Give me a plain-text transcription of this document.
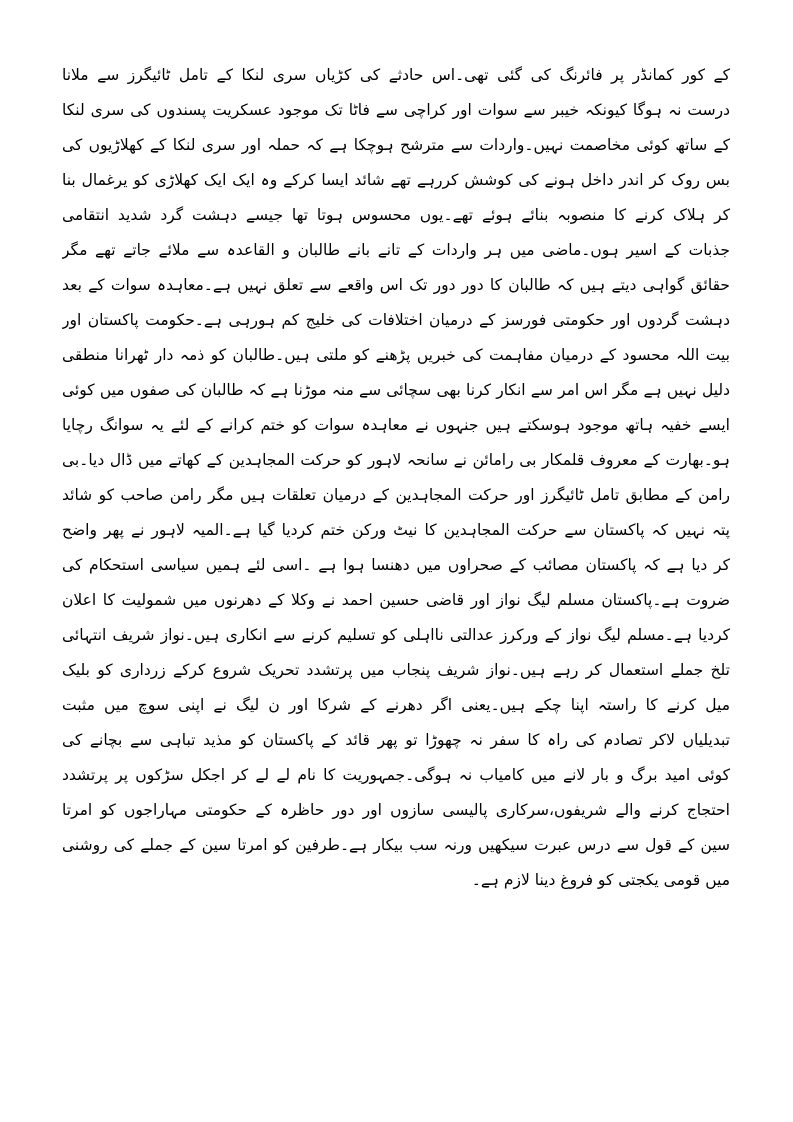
کے کور کمانڈر پر فائرنگ کی گئی تھی۔اس حادثے کی کڑیاں سری لنکا کے تامل ٹائیگرز سے ملانا
درست نہ ہوگا کیونکہ خیبر سے سوات اور کراچی سے فاٹا تک موجود عسکریت پسندوں کی سری لنکا
کے ساتھ کوئی مخاصمت نہیں۔واردات سے مترشح ہوچکا ہے کہ حملہ اور سری لنکا کے کھلاڑیوں کی
بس روک کر اندر داخل ہونے کی کوشش کررہے تھے شائد ایسا کرکے وہ ایک ایک کھلاڑی کو یرغمال بنا
کر ہلاک کرنے کا منصوبہ بنائے ہوئے تھے۔یوں محسوس ہوتا تھا جیسے دہشت گرد شدید انتقامی
جذبات کے اسیر ہوں۔ماضی میں ہر واردات کے تانے بانے طالبان و القاعدہ سے ملائے جاتے تھے مگر
حقائق گواہی دیتے ہیں کہ طالبان کا دور دور تک اس واقعے سے تعلق نہیں ہے۔معاہدہ سوات کے بعد
دہشت گردوں اور حکومتی فورسز کے درمیان اختلافات کی خلیج کم ہورہی ہے۔حکومت پاکستان اور
بیت اللہ محسود کے درمیان مفاہمت کی خبریں پڑھنے کو ملتی ہیں۔طالبان کو ذمہ دار ٹھرانا منطقی
دلیل نہیں ہے مگر اس امر سے انکار کرنا بھی سچائی سے منہ موڑنا ہے کہ طالبان کی صفوں میں کوئی
ایسے خفیہ ہاتھ موجود ہوسکتے ہیں جنہوں نے معاہدہ سوات کو ختم کرانے کے لئے یہ سوانگ رچایا
ہو۔بھارت کے معروف قلمکار بی رامائن نے سانحہ لاہور کو حرکت المجاہدین کے کھاتے میں ڈال دیا۔بی
رامن کے مطابق تامل ٹائیگرز اور حرکت المجاہدین کے درمیان تعلقات ہیں مگر رامن صاحب کو شائد
پتہ نہیں کہ پاکستان سے حرکت المجاہدین کا نیٹ ورکن ختم کردیا گیا ہے۔المیہ لاہور نے پھر واضح
کر دیا ہے کہ پاکستان مصائب کے صحراوں میں دھنسا ہوا ہے ۔اسی لئے ہمیں سیاسی استحکام کی
ضروت ہے۔پاکستان مسلم لیگ نواز اور قاضی حسین احمد نے وکلا کے دھرنوں میں شمولیت کا اعلان
کردیا ہے۔مسلم لیگ نواز کے ورکرز عدالتی نااہلی کو تسلیم کرنے سے انکاری ہیں۔نواز شریف انتہائی
تلخ جملے استعمال کر رہے ہیں۔نواز شریف پنجاب میں پرتشدد تحریک شروع کرکے زرداری کو بلیک
میل کرنے کا راستہ اپنا چکے ہیں۔یعنی اگر دھرنے کے شرکا اور ن لیگ نے اپنی سوچ میں مثبت
تبدیلیاں لاکر تصادم کی راہ کا سفر نہ چھوڑا تو پھر قائد کے پاکستان کو مذید تباہی سے بچانے کی
کوئی امید برگ و بار لانے میں کامیاب نہ ہوگی۔جمہوریت کا نام لے لے کر اجکل سڑکوں پر پرتشدد
احتجاج کرنے والے شریفوں،سرکاری پالیسی سازوں اور دور حاظرہ کے حکومتی مہاراجوں کو امرتا
سین کے قول سے درس عبرت سیکھیں ورنہ سب بیکار ہے۔طرفین کو امرتا سین کے جملے کی روشنی
میں قومی یکجتی کو فروغ دینا لازم ہے۔
